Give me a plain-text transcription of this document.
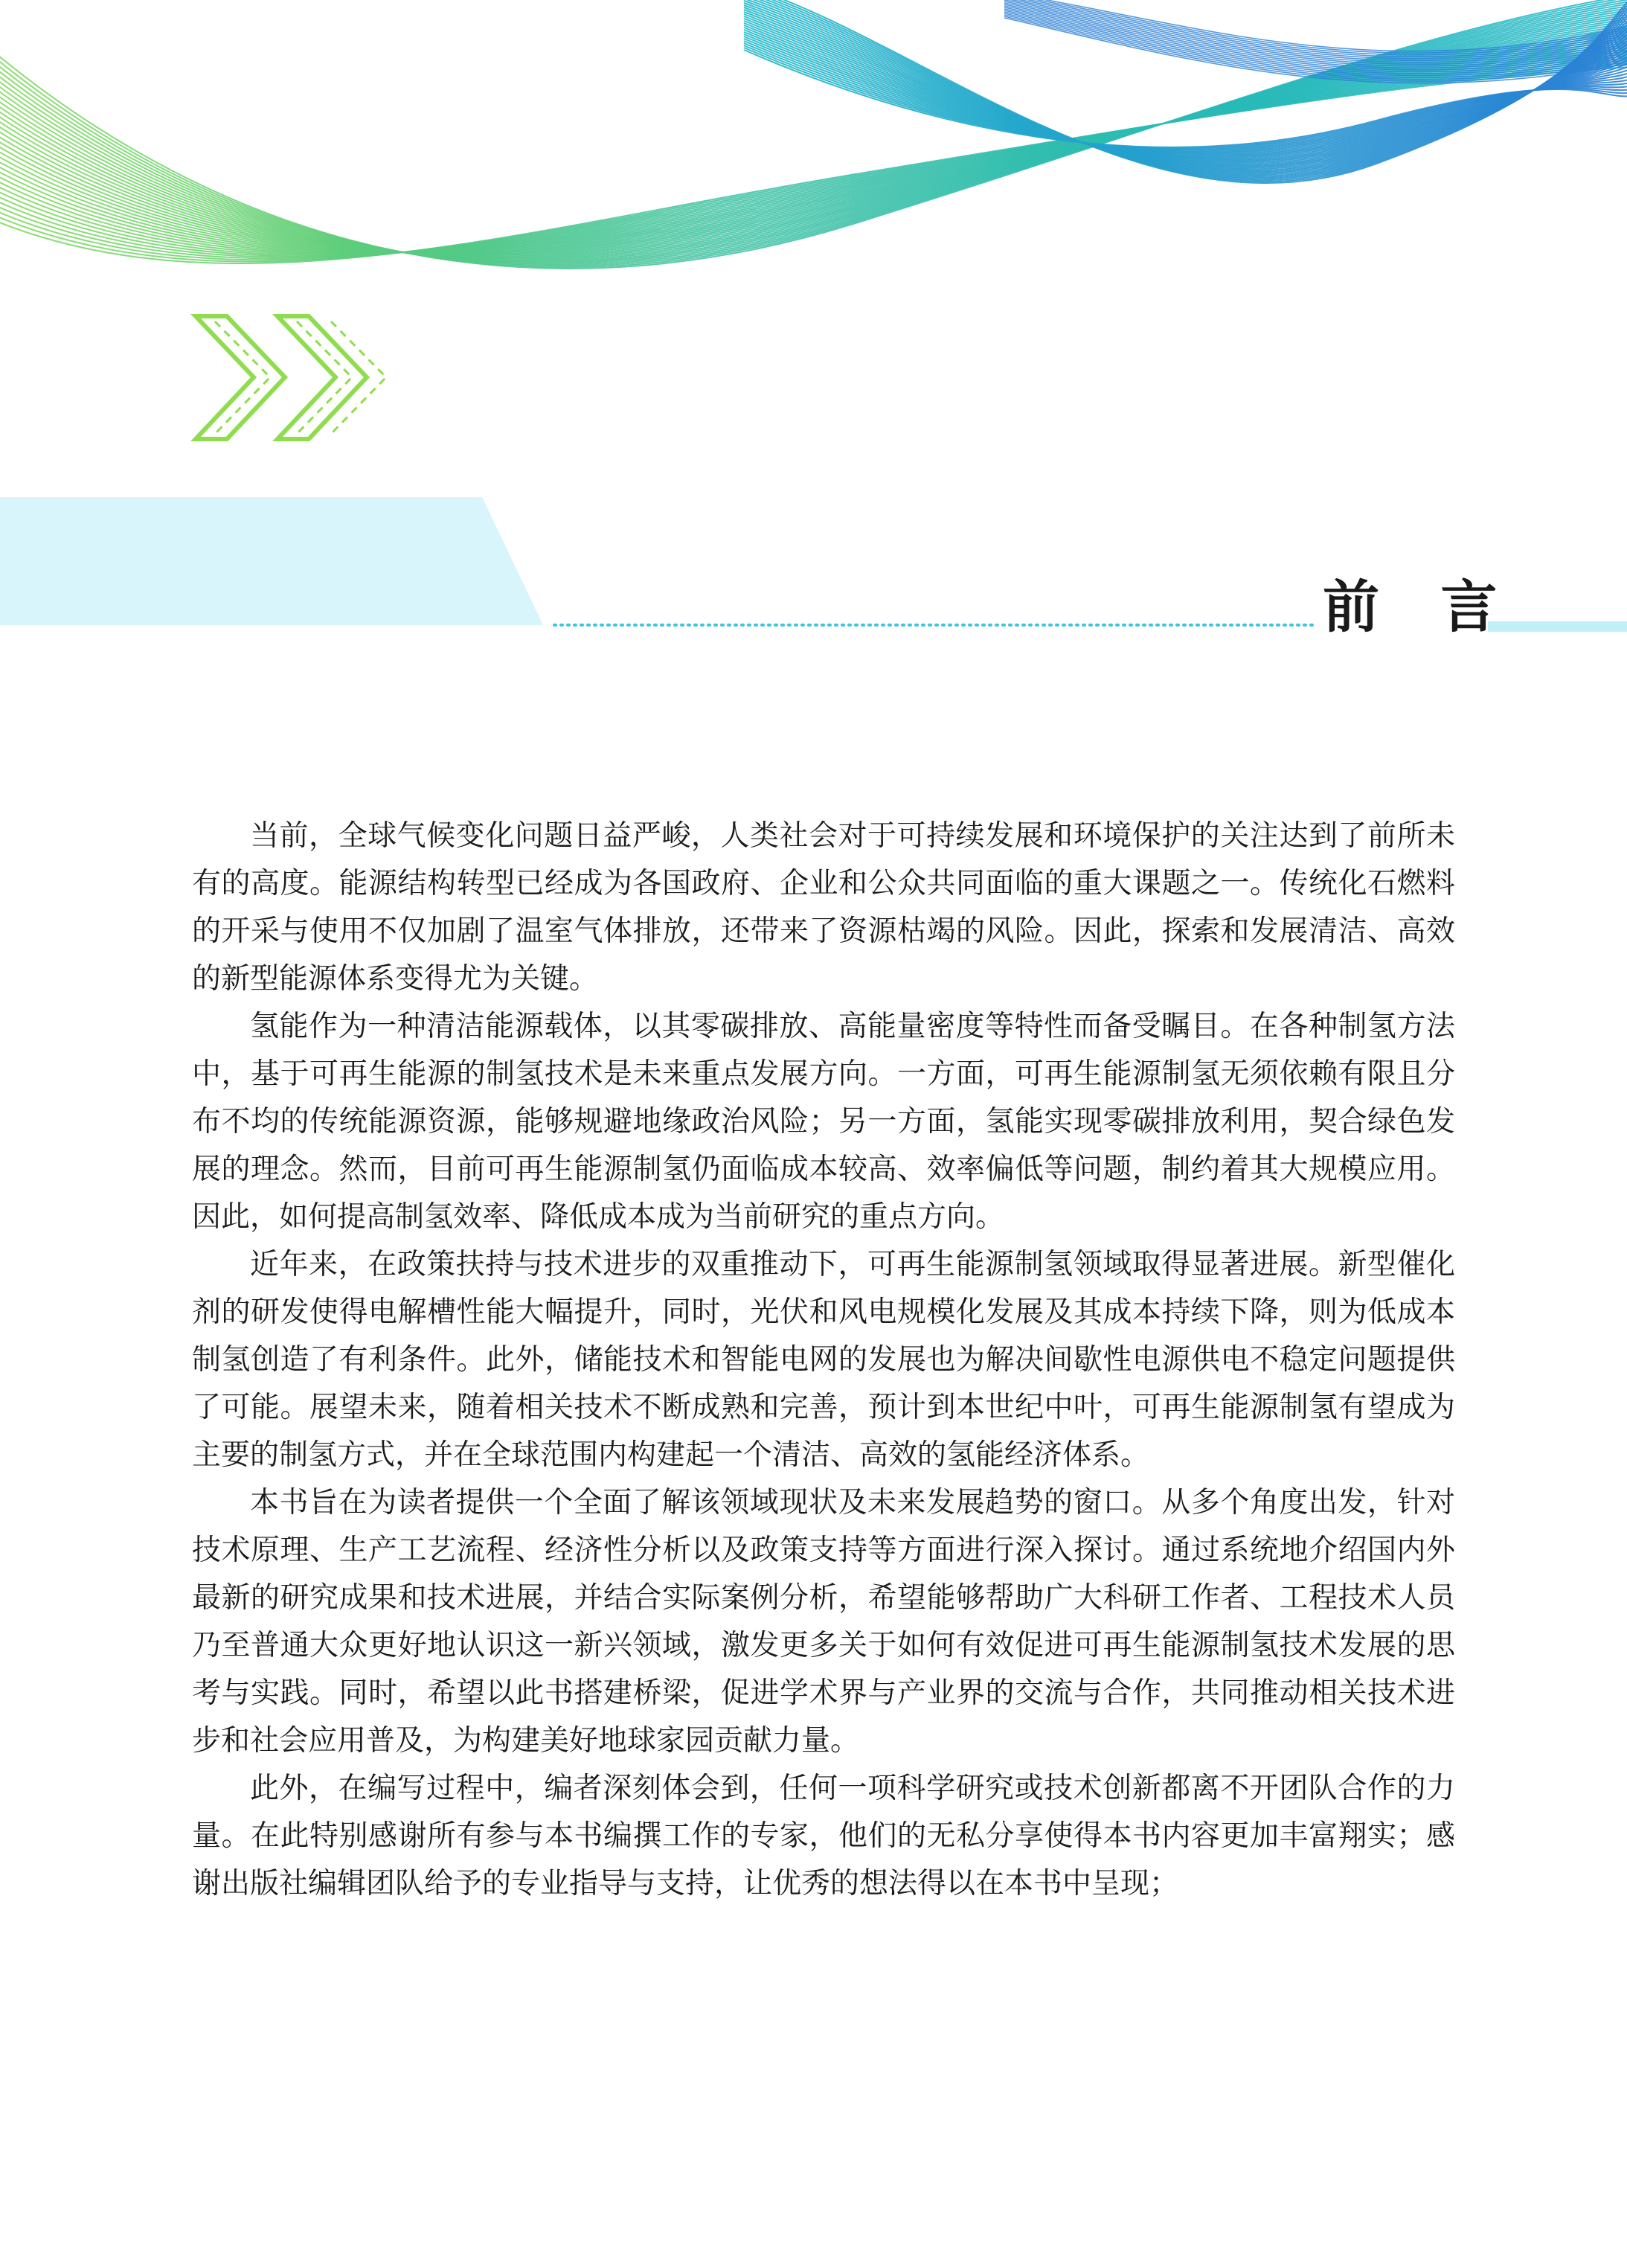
前 言

当前，全球气候变化问题日益严峻，人类社会对于可持续发展和环境保护的关注达到了前所未有的高度。能源结构转型已经成为各国政府、企业和公众共同面临的重大课题之一。传统化石燃料的开采与使用不仅加剧了温室气体排放，还带来了资源枯竭的风险。因此，探索和发展清洁、高效的新型能源体系变得尤为关键。

氢能作为一种清洁能源载体，以其零碳排放、高能量密度等特性而备受瞩目。在各种制氢方法中，基于可再生能源的制氢技术是未来重点发展方向。一方面，可再生能源制氢无须依赖有限且分布不均的传统能源资源，能够规避地缘政治风险；另一方面，氢能实现零碳排放利用，契合绿色发展的理念。然而，目前可再生能源制氢仍面临成本较高、效率偏低等问题，制约着其大规模应用。因此，如何提高制氢效率、降低成本成为当前研究的重点方向。

近年来，在政策扶持与技术进步的双重推动下，可再生能源制氢领域取得显著进展。新型催化剂的研发使得电解槽性能大幅提升，同时，光伏和风电规模化发展及其成本持续下降，则为低成本制氢创造了有利条件。此外，储能技术和智能电网的发展也为解决间歇性电源供电不稳定问题提供了可能。展望未来，随着相关技术不断成熟和完善，预计到本世纪中叶，可再生能源制氢有望成为主要的制氢方式，并在全球范围内构建起一个清洁、高效的氢能经济体系。

本书旨在为读者提供一个全面了解该领域现状及未来发展趋势的窗口。从多个角度出发，针对技术原理、生产工艺流程、经济性分析以及政策支持等方面进行深入探讨。通过系统地介绍国内外最新的研究成果和技术进展，并结合实际案例分析，希望能够帮助广大科研工作者、工程技术人员乃至普通大众更好地认识这一新兴领域，激发更多关于如何有效促进可再生能源制氢技术发展的思考与实践。同时，希望以此书搭建桥梁，促进学术界与产业界的交流与合作，共同推动相关技术进步和社会应用普及，为构建美好地球家园贡献力量。

此外，在编写过程中，编者深刻体会到，任何一项科学研究或技术创新都离不开团队合作的力量。在此特别感谢所有参与本书编撰工作的专家，他们的无私分享使得本书内容更加丰富翔实；感谢出版社编辑团队给予的专业指导与支持，让优秀的想法得以在本书中呈现；
